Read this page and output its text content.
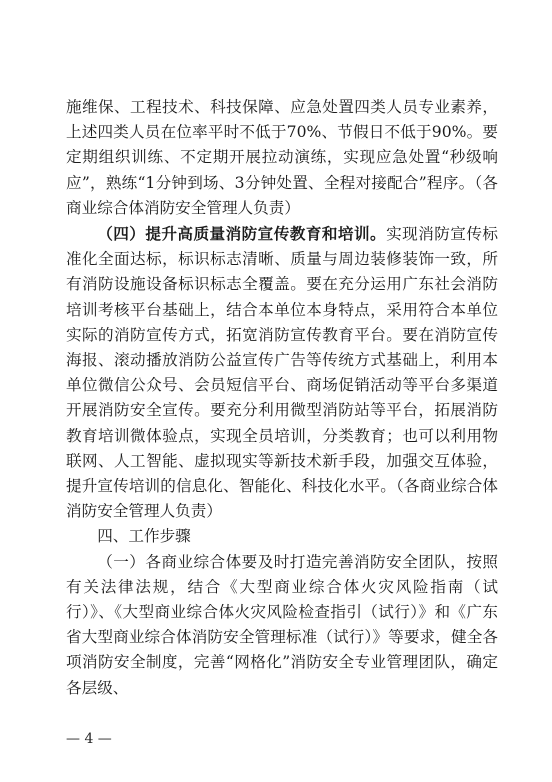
施维保、工程技术、科技保障、应急处置四类人员专业素养，上述四类人员在位率平时不低于70%、节假日不低于90%。要定期组织训练、不定期开展拉动演练，实现应急处置“秒级响应”，熟练“1分钟到场、3分钟处置、全程对接配合”程序。（各商业综合体消防安全管理人负责）

（四）提升高质量消防宣传教育和培训。实现消防宣传标准化全面达标，标识标志清晰、质量与周边装修装饰一致，所有消防设施设备标识标志全覆盖。要在充分运用广东社会消防培训考核平台基础上，结合本单位本身特点，采用符合本单位实际的消防宣传方式，拓宽消防宣传教育平台。要在消防宣传海报、滚动播放消防公益宣传广告等传统方式基础上，利用本单位微信公众号、会员短信平台、商场促销活动等平台多渠道开展消防安全宣传。要充分利用微型消防站等平台，拓展消防教育培训微体验点，实现全员培训，分类教育；也可以利用物联网、人工智能、虚拟现实等新技术新手段，加强交互体验，提升宣传培训的信息化、智能化、科技化水平。（各商业综合体消防安全管理人负责）

四、工作步骤

（一）各商业综合体要及时打造完善消防安全团队，按照有关法律法规，结合《大型商业综合体火灾风险指南（试行）》、《大型商业综合体火灾风险检查指引（试行）》和《广东省大型商业综合体消防安全管理标准（试行）》等要求，健全各项消防安全制度，完善“网格化”消防安全专业管理团队，确定各层级、

— 4 —
